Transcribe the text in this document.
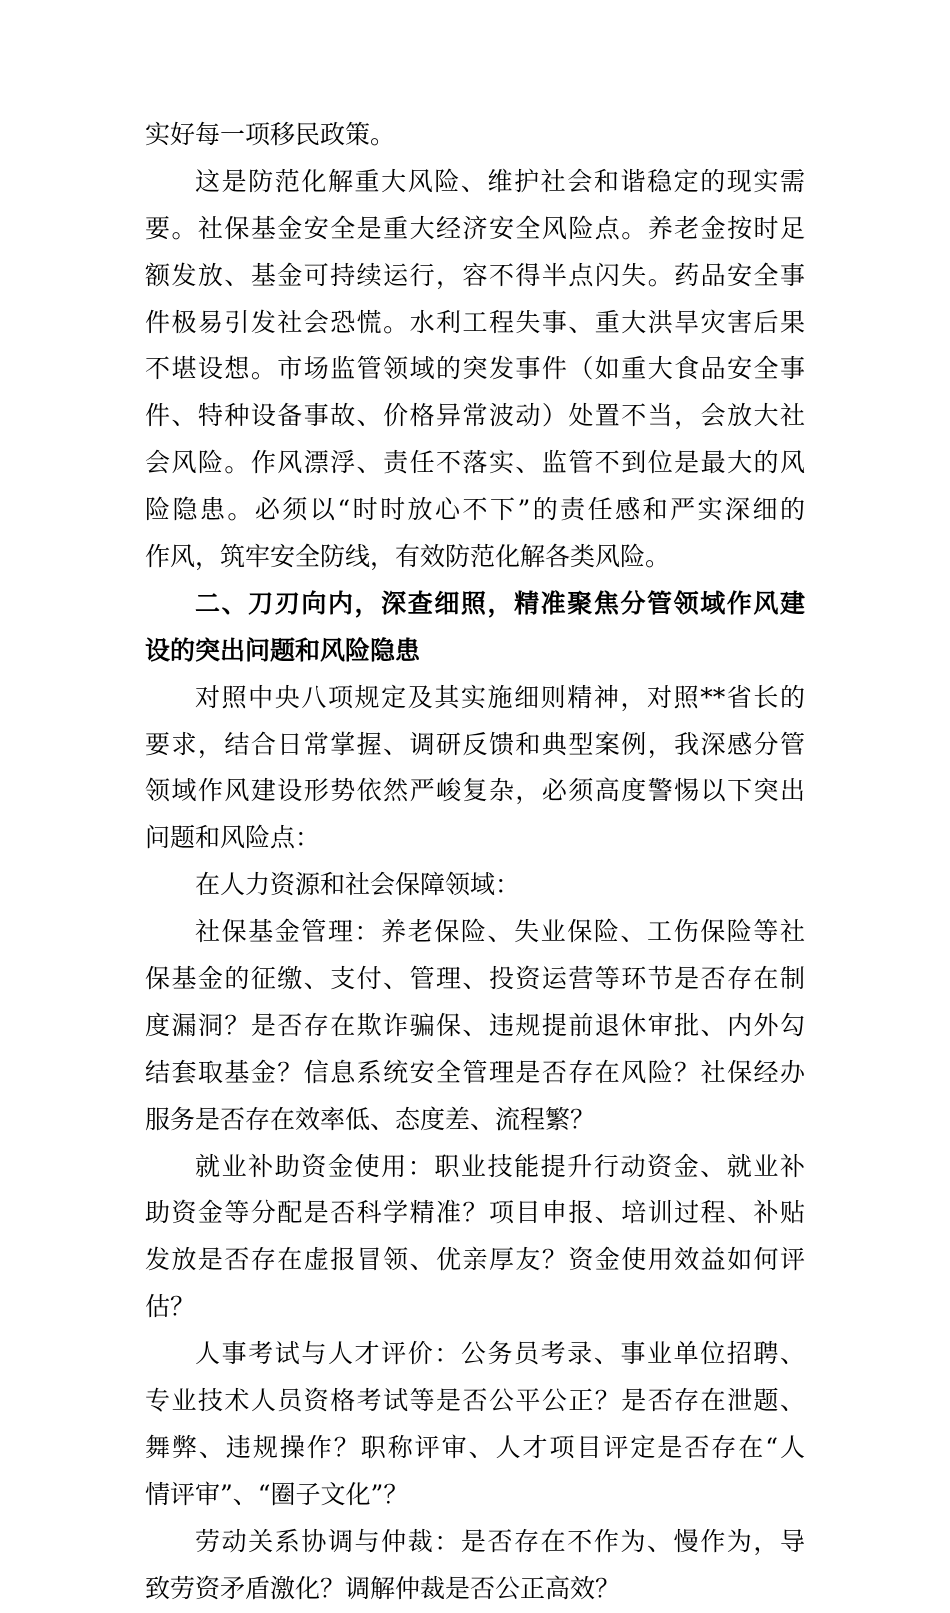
实好每一项移民政策。
这是防范化解重大风险、维护社会和谐稳定的现实需
要。社保基金安全是重大经济安全风险点。养老金按时足
额发放、基金可持续运行，容不得半点闪失。药品安全事
件极易引发社会恐慌。水利工程失事、重大洪旱灾害后果
不堪设想。市场监管领域的突发事件（如重大食品安全事
件、特种设备事故、价格异常波动）处置不当，会放大社
会风险。作风漂浮、责任不落实、监管不到位是最大的风
险隐患。必须以“时时放心不下”的责任感和严实深细的
作风，筑牢安全防线，有效防范化解各类风险。
二、刀刃向内，深查细照，精准聚焦分管领域作风建
设的突出问题和风险隐患
对照中央八项规定及其实施细则精神，对照**省长的
要求，结合日常掌握、调研反馈和典型案例，我深感分管
领域作风建设形势依然严峻复杂，必须高度警惕以下突出
问题和风险点：
在人力资源和社会保障领域：
社保基金管理：养老保险、失业保险、工伤保险等社
保基金的征缴、支付、管理、投资运营等环节是否存在制
度漏洞？是否存在欺诈骗保、违规提前退休审批、内外勾
结套取基金？信息系统安全管理是否存在风险？社保经办
服务是否存在效率低、态度差、流程繁？
就业补助资金使用：职业技能提升行动资金、就业补
助资金等分配是否科学精准？项目申报、培训过程、补贴
发放是否存在虚报冒领、优亲厚友？资金使用效益如何评
估？
人事考试与人才评价：公务员考录、事业单位招聘、
专业技术人员资格考试等是否公平公正？是否存在泄题、
舞弊、违规操作？职称评审、人才项目评定是否存在“人
情评审”、“圈子文化”？
劳动关系协调与仲裁：是否存在不作为、慢作为，导
致劳资矛盾激化？调解仲裁是否公正高效？
